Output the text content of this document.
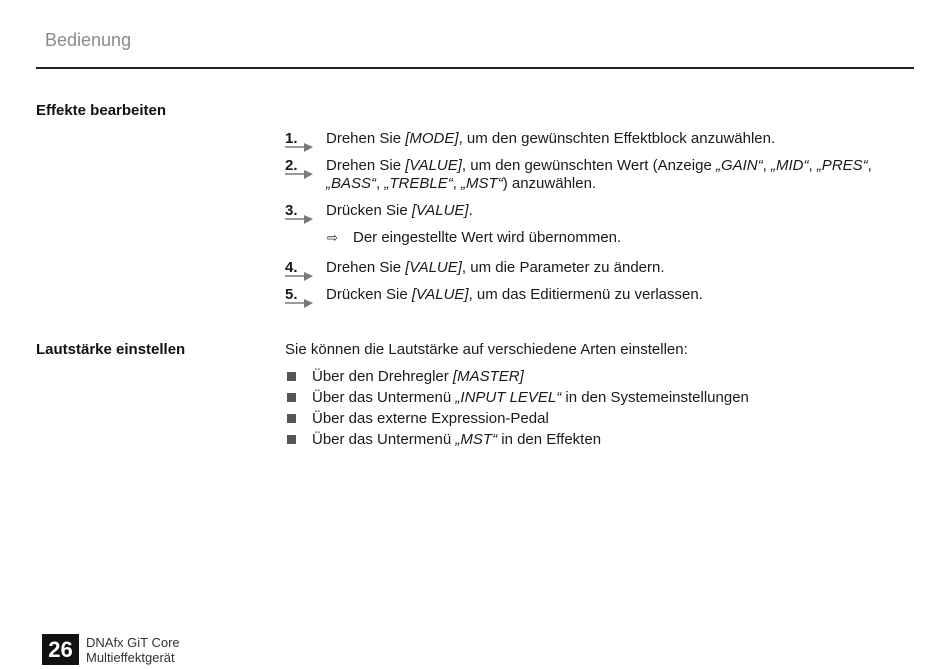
Bedienung
Effekte bearbeiten
1.	Drehen Sie [MODE], um den gewünschten Effektblock anzuwählen.
2.	Drehen Sie [VALUE], um den gewünschten Wert (Anzeige „GAIN“, „MID“, „PRES“,
„BASS“, „TREBLE“, „MST“) anzuwählen.
3.	Drücken Sie [VALUE].
⇨ Der eingestellte Wert wird übernommen.
4.	Drehen Sie [VALUE], um die Parameter zu ändern.
5.	Drücken Sie [VALUE], um das Editiermenü zu verlassen.
Lautstärke einstellen	Sie können die Lautstärke auf verschiedene Arten einstellen:
Über den Drehregler [MASTER]
Über das Untermenü „INPUT LEVEL“ in den Systemeinstellungen
Über das externe Expression-Pedal
Über das Untermenü „MST“ in den Effekten
26	DNAfx GiT Core
Multieffektgerät
